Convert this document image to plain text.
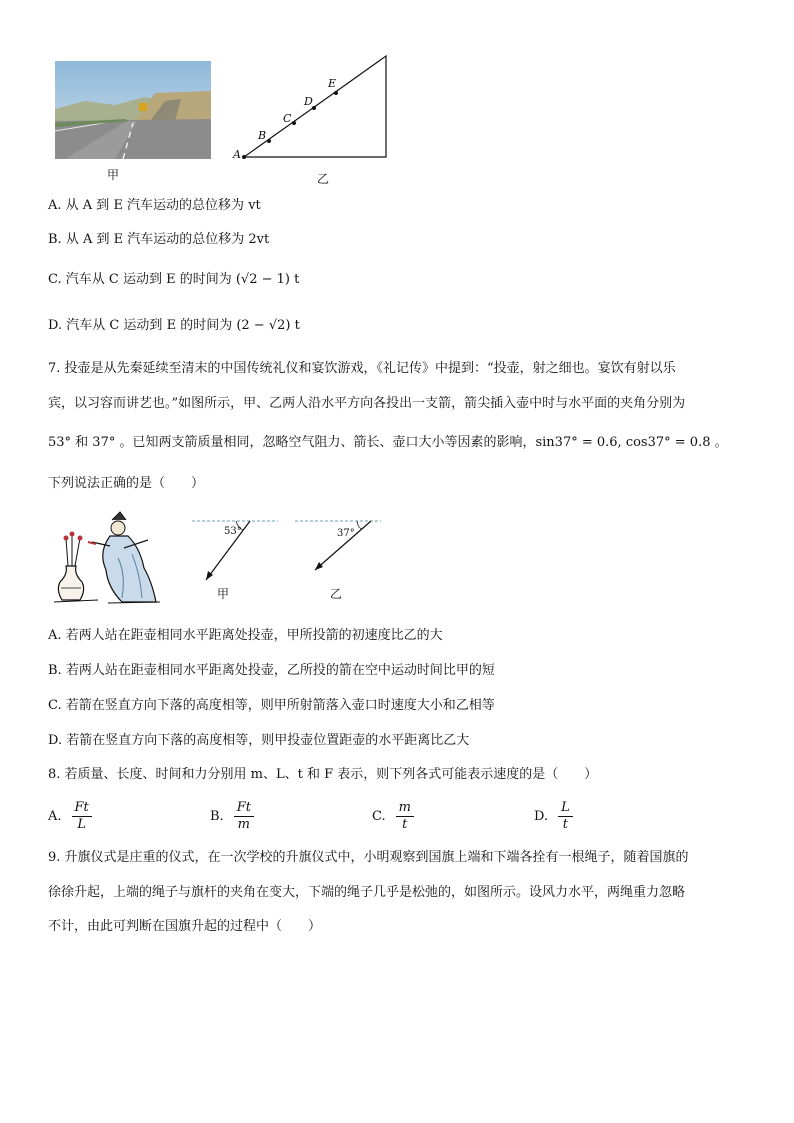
甲
A
B
C
D
E
乙
A. 从 A 到 E 汽车运动的总位移为 vt
B. 从 A 到 E 汽车运动的总位移为 2vt
C. 汽车从 C 运动到 E 的时间为 (√2 − 1) t
D. 汽车从 C 运动到 E 的时间为 (2 − √2) t
7. 投壶是从先秦延续至清末的中国传统礼仪和宴饮游戏，《礼记传》中提到：“投壶，射之细也。宴饮有射以乐
宾，以习容而讲艺也。”如图所示，甲、乙两人沿水平方向各投出一支箭，箭尖插入壶中时与水平面的夹角分别为
53° 和 37° 。已知两支箭质量相同，忽略空气阻力、箭长、壶口大小等因素的影响，sin37° = 0.6, cos37° = 0.8 。
下列说法正确的是（　　）
53°
甲
37°
乙
A. 若两人站在距壶相同水平距离处投壶，甲所投箭的初速度比乙的大
B. 若两人站在距壶相同水平距离处投壶，乙所投的箭在空中运动时间比甲的短
C. 若箭在竖直方向下落的高度相等，则甲所射箭落入壶口时速度大小和乙相等
D. 若箭在竖直方向下落的高度相等，则甲投壶位置距壶的水平距离比乙大
8. 若质量、长度、时间和力分别用 m、L、t 和 F 表示，则下列各式可能表示速度的是（　　）
A. $\frac{Ft}{L}$	B. $\frac{Ft}{m}$	C. $\frac{m}{t}$	D. $\frac{L}{t}$
9. 升旗仪式是庄重的仪式，在一次学校的升旗仪式中，小明观察到国旗上端和下端各拴有一根绳子，随着国旗的
徐徐升起，上端的绳子与旗杆的夹角在变大，下端的绳子几乎是松弛的，如图所示。设风力水平，两绳重力忽略
不计，由此可判断在国旗升起的过程中（　　）
